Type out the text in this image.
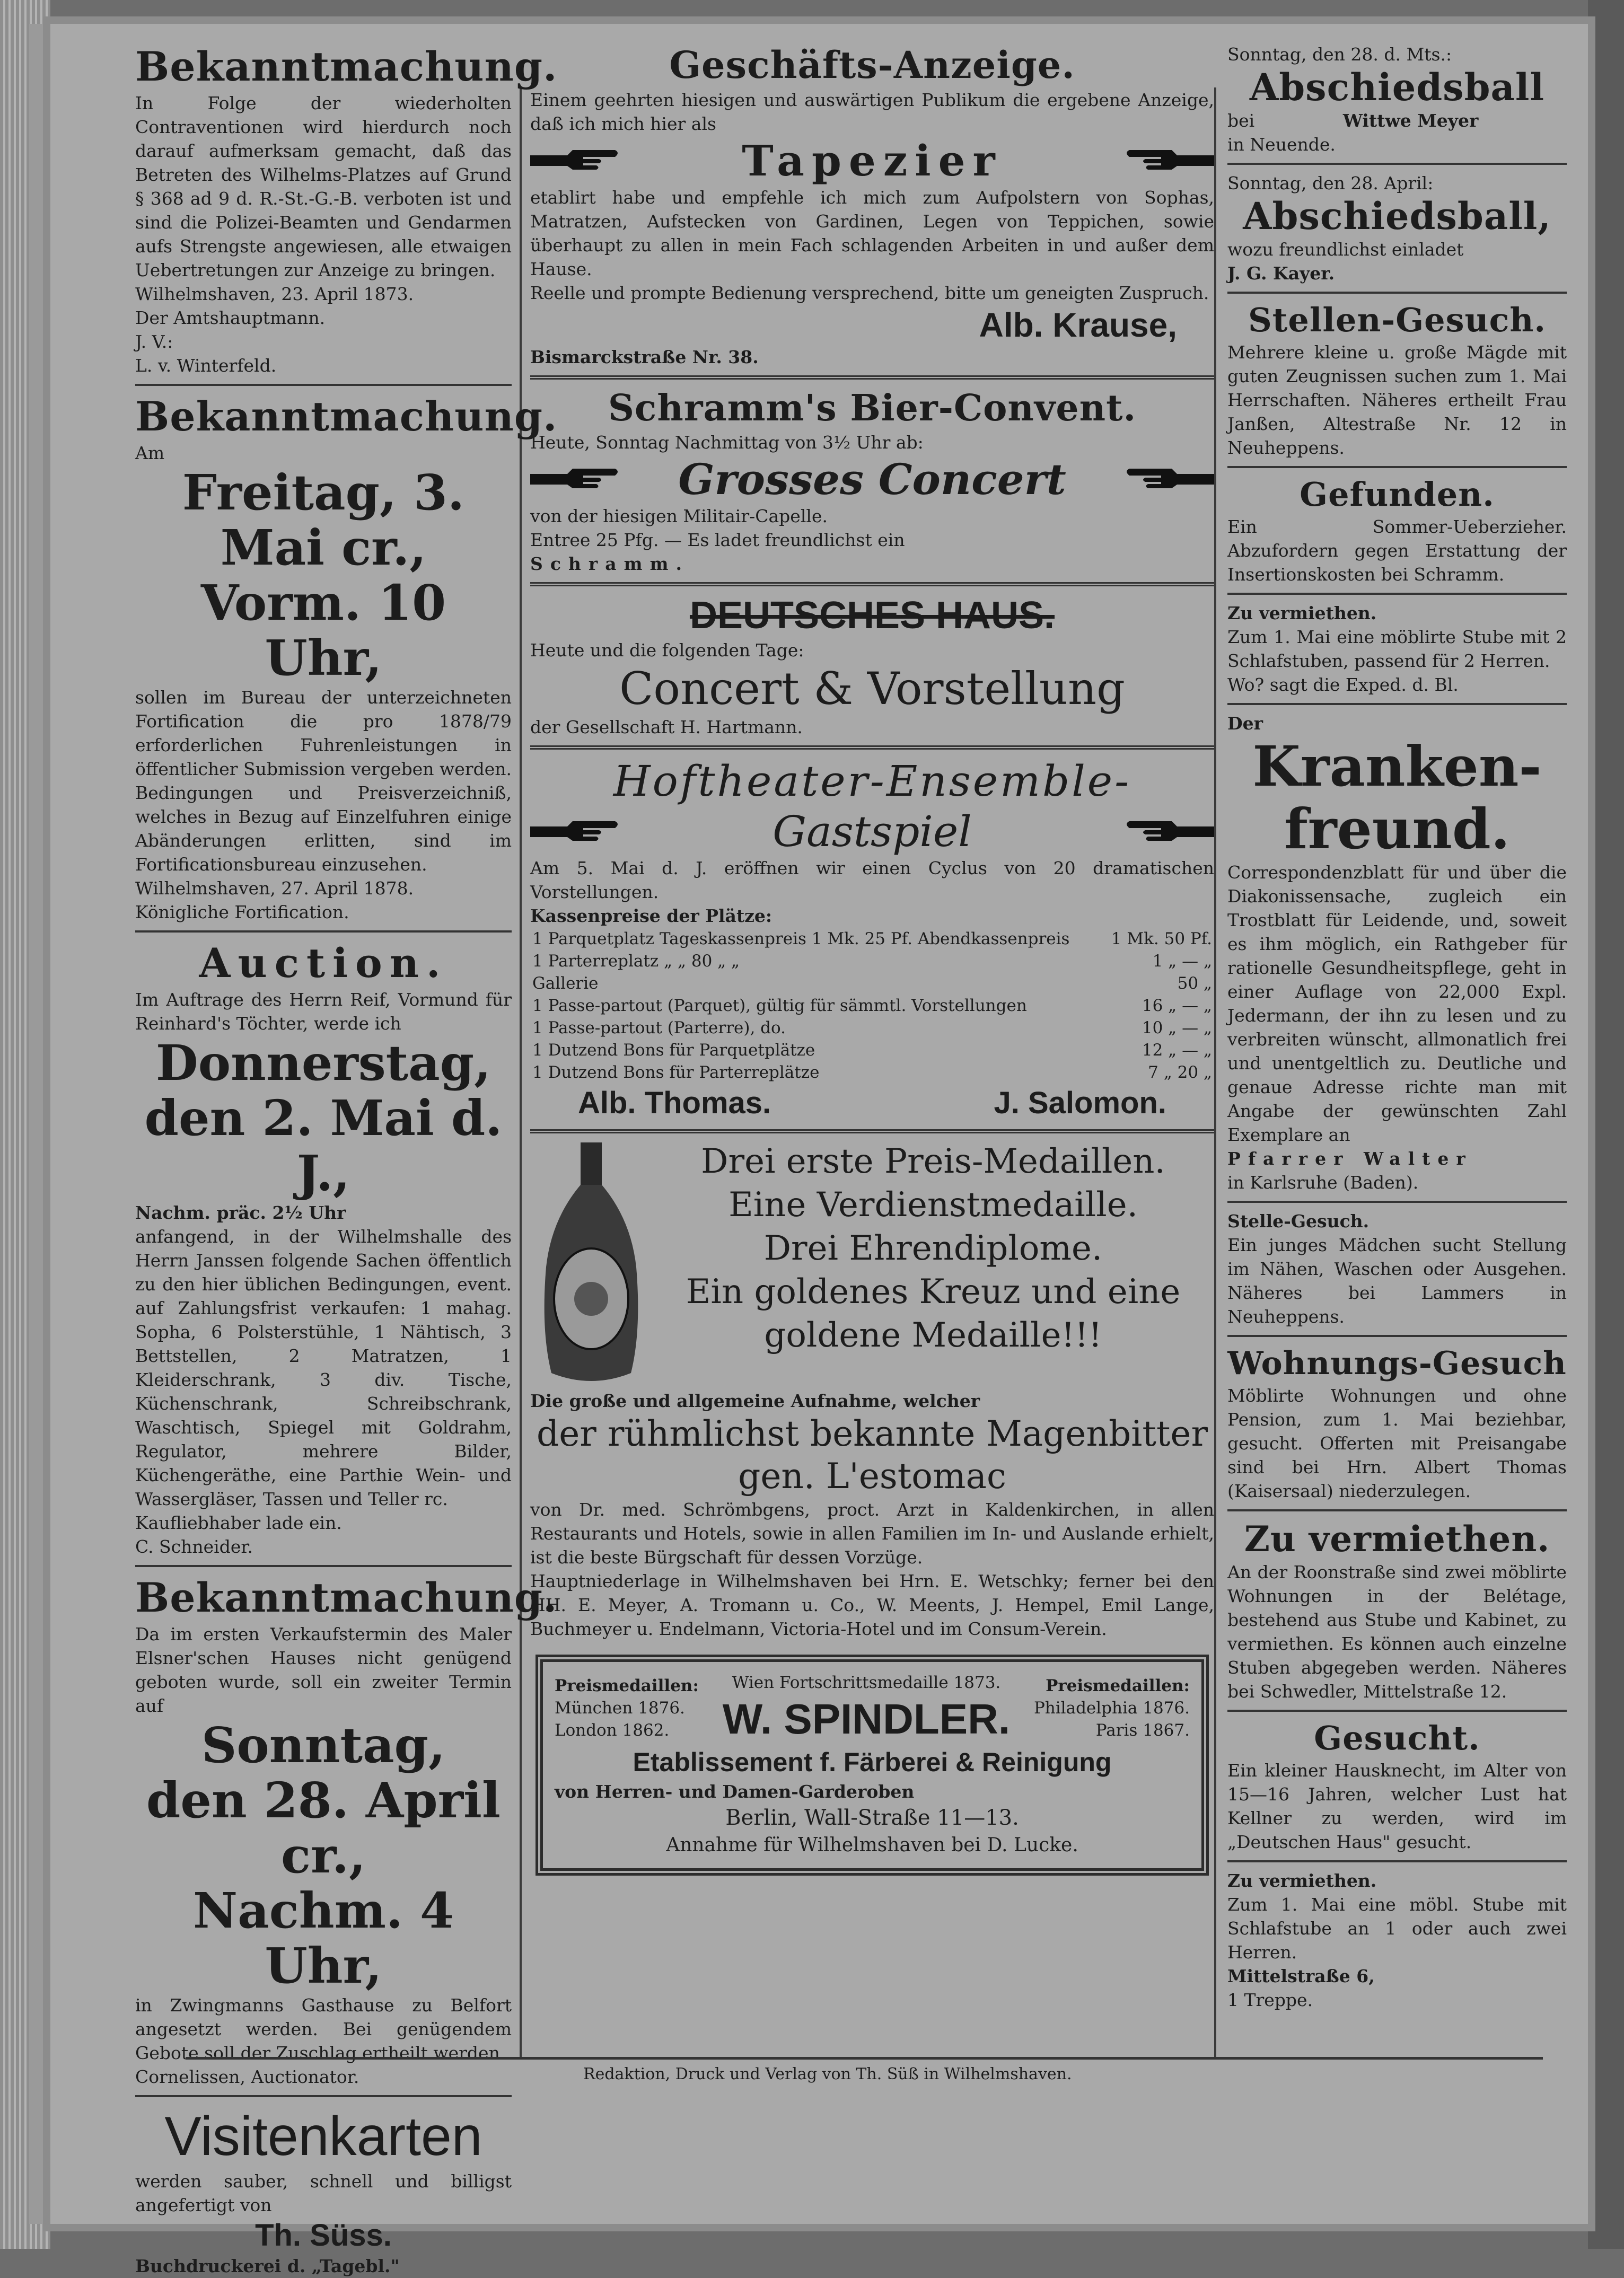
Bekanntmachung.
In Folge der wiederholten Contraventionen wird hierdurch noch darauf aufmerksam gemacht, daß das Betreten des Wilhelms-Platzes auf Grund § 368 ad 9 d. R.-St.-G.-B. verboten ist und sind die Polizei-Beamten und Gendarmen aufs Strengste angewiesen, alle etwaigen Uebertretungen zur Anzeige zu bringen.
Wilhelmshaven, 23. April 1873.
Der Amtshauptmann.
J. V.:
L. v. Winterfeld.
Bekanntmachung.
Am
Freitag, 3. Mai cr.,
Vorm. 10 Uhr,
sollen im Bureau der unterzeichneten Fortification die pro 1878/79 erforderlichen Fuhrenleistungen in öffentlicher Submission vergeben werden. Bedingungen und Preisverzeichniß, welches in Bezug auf Einzelfuhren einige Abänderungen erlitten, sind im Fortificationsbureau einzusehen.
Wilhelmshaven, 27. April 1878.
Königliche Fortification.
Auction.
Im Auftrage des Herrn Reif, Vormund für Reinhard's Töchter, werde ich
Donnerstag,
den 2. Mai d. J.,
Nachm. präc. 2½ Uhr
anfangend, in der Wilhelmshalle des Herrn Janssen folgende Sachen öffentlich zu den hier üblichen Bedingungen, event. auf Zahlungsfrist verkaufen: 1 mahag. Sopha, 6 Polsterstühle, 1 Nähtisch, 3 Bettstellen, 2 Matratzen, 1 Kleiderschrank, 3 div. Tische, Küchenschrank, Schreibschrank, Waschtisch, Spiegel mit Goldrahm, Regulator, mehrere Bilder, Küchengeräthe, eine Parthie Wein- und Wassergläser, Tassen und Teller rc.
Kaufliebhaber lade ein.
C. Schneider.
Bekanntmachung.
Da im ersten Verkaufstermin des Maler Elsner'schen Hauses nicht genügend geboten wurde, soll ein zweiter Termin auf
Sonntag,
den 28. April cr.,
Nachm. 4 Uhr,
in Zwingmanns Gasthause zu Belfort angesetzt werden. Bei genügendem Gebote soll der Zuschlag ertheilt werden.
Cornelissen, Auctionator.
Visitenkarten
werden sauber, schnell und billigst angefertigt von
Th. Süss.
Buchdruckerei d. „Tagebl."
Geschäfts-Anzeige.
Einem geehrten hiesigen und auswärtigen Publikum die ergebene Anzeige, daß ich mich hier als
Tapezier
etablirt habe und empfehle ich mich zum Aufpolstern von Sophas, Matratzen, Aufstecken von Gardinen, Legen von Teppichen, sowie überhaupt zu allen in mein Fach schlagenden Arbeiten in und außer dem Hause.
Reelle und prompte Bedienung versprechend, bitte um geneigten Zuspruch.
Alb. Krause,
Bismarckstraße Nr. 38.
Schramm's Bier-Convent.
Heute, Sonntag Nachmittag von 3½ Uhr ab:
Grosses Concert
von der hiesigen Militair-Capelle.
Entree 25 Pfg. — Es ladet freundlichst ein
Schramm.
DEUTSCHES HAUS.
Heute und die folgenden Tage:
Concert & Vorstellung
der Gesellschaft H. Hartmann.
Hoftheater-Ensemble-
Gastspiel
Am 5. Mai d. J. eröffnen wir einen Cyclus von 20 dramatischen Vorstellungen.
Kassenpreise der Plätze:
1 Parquetplatz Tageskassenpreis 1 Mk. 25 Pf. Abendkassenpreis	1 Mk. 50 Pf.
1 Parterreplatz „ „ 80 „ „	1 „ — „
Gallerie	50 „
1 Passe-partout (Parquet), gültig für sämmtl. Vorstellungen	16 „ — „
1 Passe-partout (Parterre), do.	10 „ — „
1 Dutzend Bons für Parquetplätze	12 „ — „
1 Dutzend Bons für Parterreplätze	7 „ 20 „
Alb. Thomas.	J. Salomon.
Drei erste Preis-Medaillen.
Eine Verdienstmedaille.
Drei Ehrendiplome.
Ein goldenes Kreuz und eine
goldene Medaille!!!
Die große und allgemeine Aufnahme, welcher
der rühmlichst bekannte Magenbitter
gen. L'estomac
von Dr. med. Schrömbgens, proct. Arzt in Kaldenkirchen, in allen Restaurants und Hotels, sowie in allen Familien im In- und Auslande erhielt, ist die beste Bürgschaft für dessen Vorzüge.
Hauptniederlage in Wilhelmshaven bei Hrn. E. Wetschky; ferner bei den HH. E. Meyer, A. Tromann u. Co., W. Meents, J. Hempel, Emil Lange, Buchmeyer u. Endelmann, Victoria-Hotel und im Consum-Verein.
Preismedaillen:
München 1876.
London 1862.
Wien Fortschrittsmedaille 1873.
W. SPINDLER.
Preismedaillen:
Philadelphia 1876.
Paris 1867.
Etablissement f. Färberei & Reinigung
von Herren- und Damen-Garderoben
Berlin, Wall-Straße 11—13.
Annahme für Wilhelmshaven bei D. Lucke.
Sonntag, den 28. d. Mts.:
Abschiedsball
bei	Wittwe Meyer
in Neuende.
Sonntag, den 28. April:
Abschiedsball,
wozu freundlichst einladet
J. G. Kayer.
Stellen-Gesuch.
Mehrere kleine u. große Mägde mit guten Zeugnissen suchen zum 1. Mai Herrschaften. Näheres ertheilt Frau Janßen, Altestraße Nr. 12 in Neuheppens.
Gefunden.
Ein Sommer-Ueberzieher. Abzufordern gegen Erstattung der Insertionskosten bei Schramm.
Zu vermiethen.
Zum 1. Mai eine möblirte Stube mit 2 Schlafstuben, passend für 2 Herren.
Wo? sagt die Exped. d. Bl.
Der
Kranken-
freund.
Correspondenzblatt für und über die Diakonissensache, zugleich ein Trostblatt für Leidende, und, soweit es ihm möglich, ein Rathgeber für rationelle Gesundheitspflege, geht in einer Auflage von 22,000 Expl. Jedermann, der ihn zu lesen und zu verbreiten wünscht, allmonatlich frei und unentgeltlich zu. Deutliche und genaue Adresse richte man mit Angabe der gewünschten Zahl Exemplare an
Pfarrer Walter
in Karlsruhe (Baden).
Stelle-Gesuch.
Ein junges Mädchen sucht Stellung im Nähen, Waschen oder Ausgehen. Näheres bei Lammers in Neuheppens.
Wohnungs-Gesuch
Möblirte Wohnungen und ohne Pension, zum 1. Mai beziehbar, gesucht. Offerten mit Preisangabe sind bei Hrn. Albert Thomas (Kaisersaal) niederzulegen.
Zu vermiethen.
An der Roonstraße sind zwei möblirte Wohnungen in der Belétage, bestehend aus Stube und Kabinet, zu vermiethen. Es können auch einzelne Stuben abgegeben werden. Näheres bei Schwedler, Mittelstraße 12.
Gesucht.
Ein kleiner Hausknecht, im Alter von 15—16 Jahren, welcher Lust hat Kellner zu werden, wird im „Deutschen Haus" gesucht.
Zu vermiethen.
Zum 1. Mai eine möbl. Stube mit Schlafstube an 1 oder auch zwei Herren.
Mittelstraße 6,
1 Treppe.
Redaktion, Druck und Verlag von Th. Süß in Wilhelmshaven.
